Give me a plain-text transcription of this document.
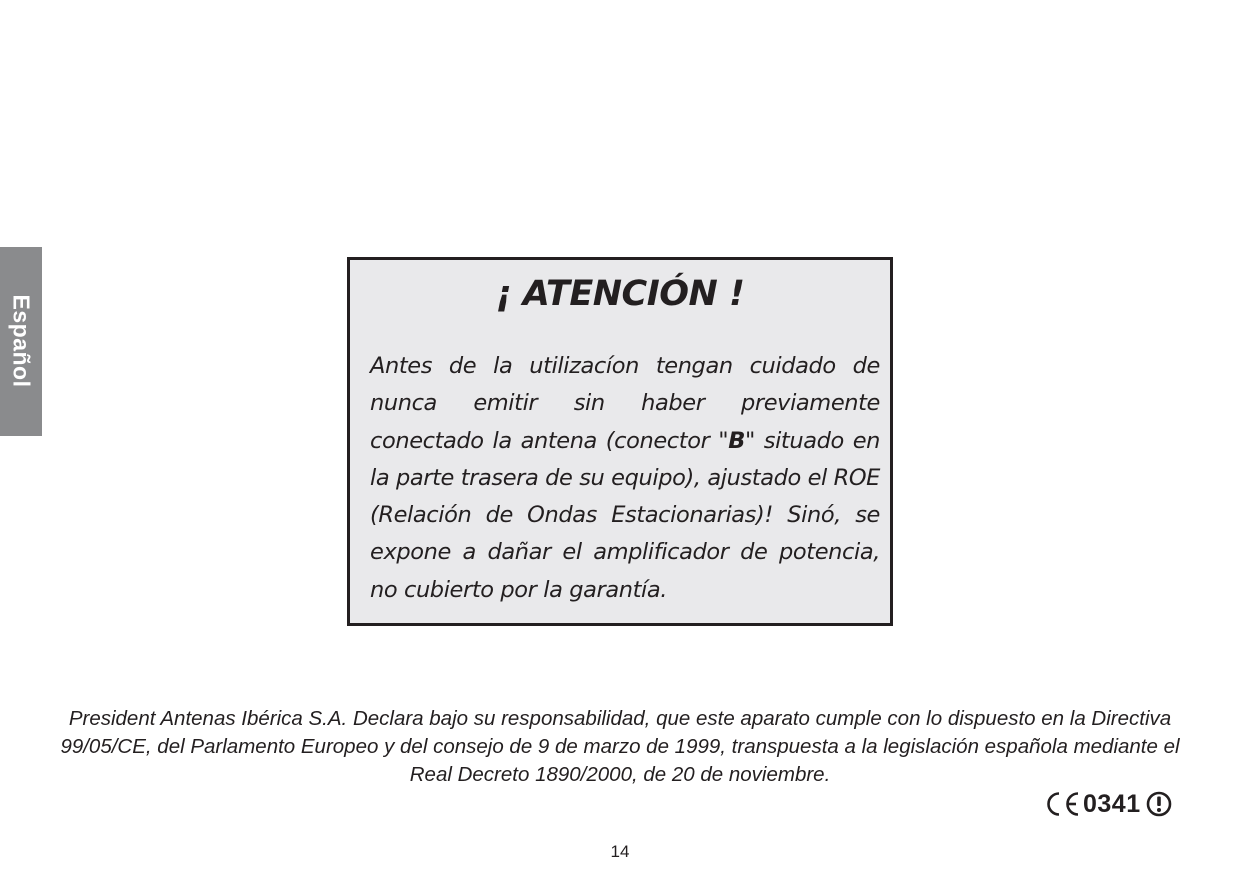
Español
¡ ATENCIÓN !

Antes de la utilizacíon tengan cuidado de nunca emitir sin haber previamente conectado la antena (conector "B" situado en la parte trasera de su equipo), ajustado el ROE (Relación de Ondas Estacionarias)! Sinó, se expone a dañar el amplificador de potencia, no cubierto por la garantía.

President Antenas Ibérica S.A. Declara bajo su responsabilidad, que este aparato cumple con lo dispuesto en la Directiva 99/05/CE, del Parlamento Europeo y del consejo de 9 de marzo de 1999, transpuesta a la legislación española mediante el Real Decreto 1890/2000, de 20 de noviembre.

0341
14
